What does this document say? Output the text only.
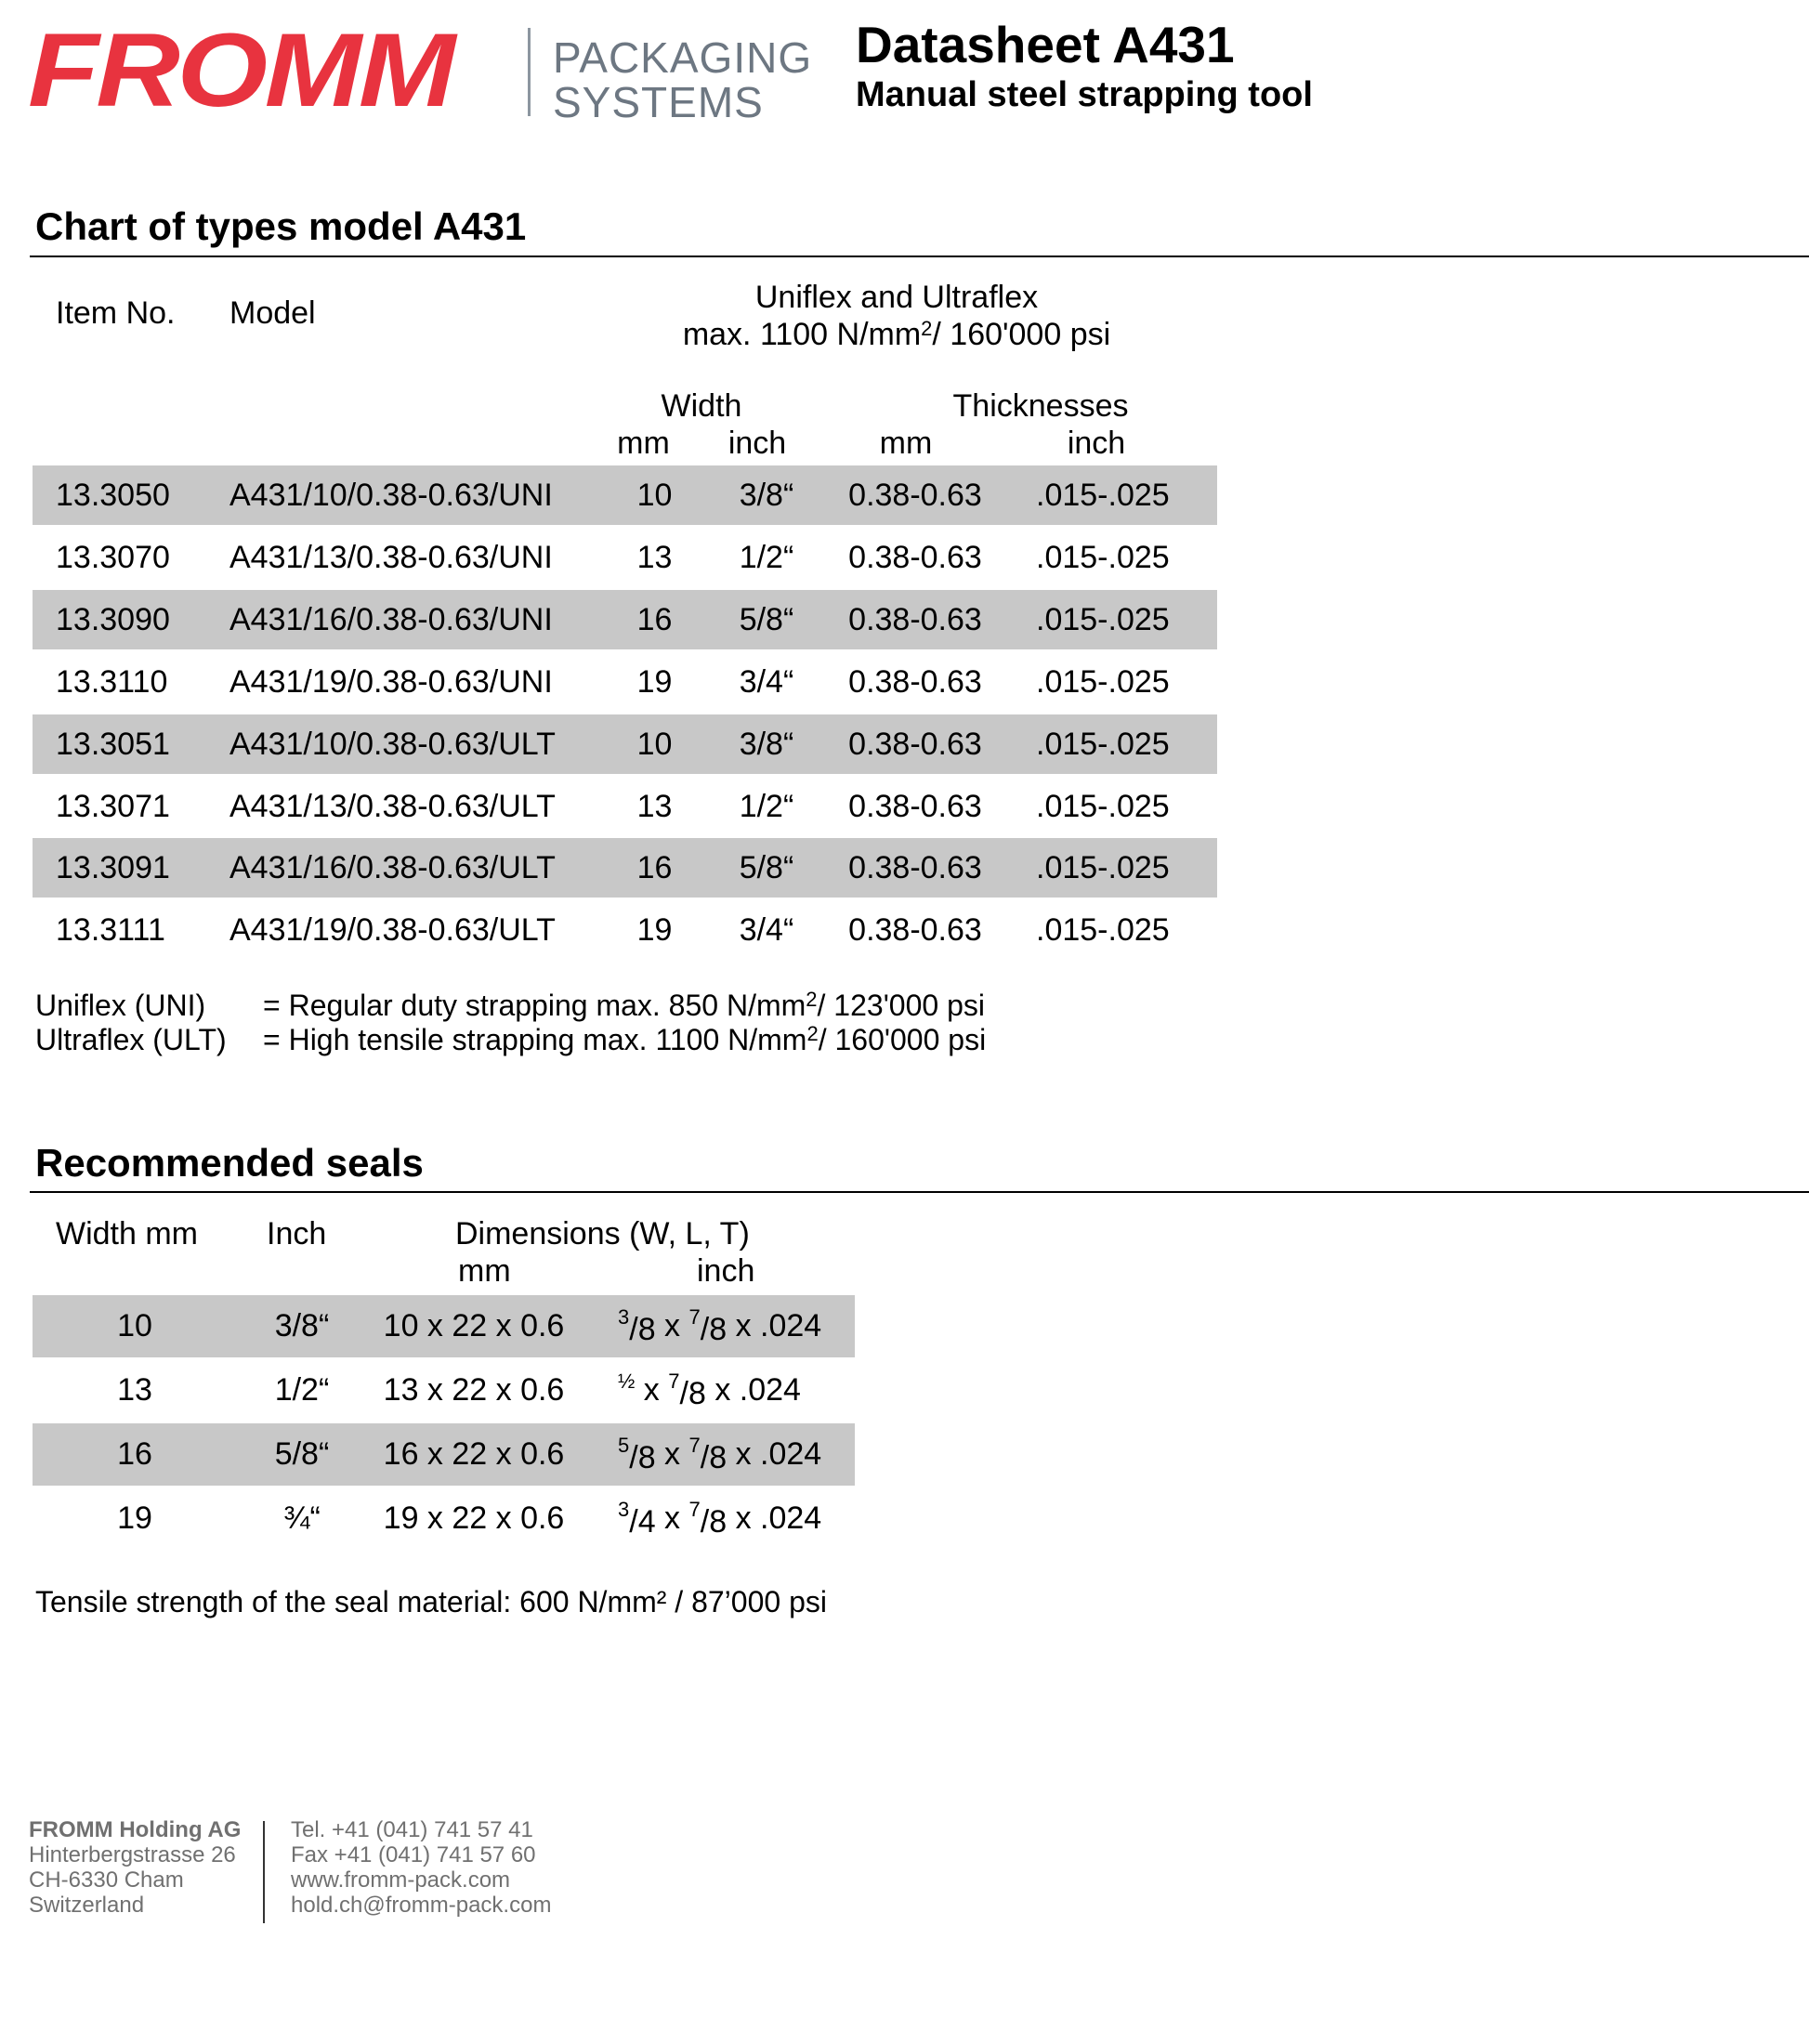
FROMM PACKAGING
SYSTEMS
Datasheet A431
Manual steel strapping tool
Chart of types model A431
Item No. Model	Uniflex and Ultraflex
max. 1100 $N/mm^2/$ 160'000 psi
Width	Thicknesses
mm	inch	mm	inch
13.3050	A431/10/0.38-0.63/UNI	10	3/8“	0.38-0.63 .015-.025
13.3070	A431/13/0.38-0.63/UNI	13	1/2“	0.38-0.63 .015-.025
13.3090	A431/16/0.38-0.63/UNI	16	5/8“	0.38-0.63 .015-.025
13.3110	A431/19/0.38-0.63/UNI	19	3/4“	0.38-0.63 .015-.025
13.3051	A431/10/0.38-0.63/ULT	10	3/8“	0.38-0.63 .015-.025
13.3071	A431/13/0.38-0.63/ULT	13	1/2“	0.38-0.63 .015-.025
13.3091	A431/16/0.38-0.63/ULT	16	5/8“	0.38-0.63 .015-.025
13.3111	A431/19/0.38-0.63/ULT	19	3/4“	0.38-0.63 .015-.025
Uniflex (UNI) = Regular duty strapping max. 850 $N/mm^2/$ 123'000 psi
Ultraflex (ULT) = High tensile strapping max. 1100 $N/mm^2/$ 160'000 psi
Recommended seals
Width mm Inch	Dimensions (W, L, T)
mm	inch
10	3/8“	10 x 22 x 0.6	$^3$/8 x $^7$/8 x .024
13	1/2“	13 x 22 x 0.6	$^{\frac{1}{2}}$ x $^7$/8 x .024
16	5/8“	16 x 22 x 0.6	$^5$/8 x $^7$/8 x .024
19	¾“	19 x 22 x 0.6	$^3$/4 x $^7$/8 x .024
Tensile strength of the seal material: 600 N/mm² / 87’000 psi
FROMM Holding AG
Hinterbergstrasse 26
CH-6330 Cham
Switzerland
Tel. +41 (041) 741 57 41
Fax +41 (041) 741 57 60
www.fromm-pack.com
hold.ch@fromm-pack.com
